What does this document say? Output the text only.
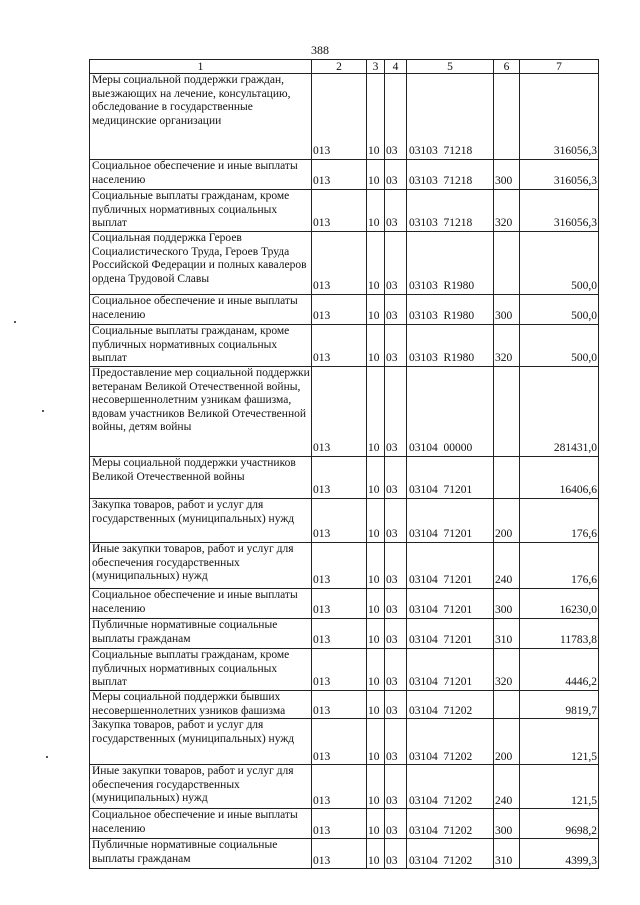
388
1	2	3	4	5	6	7
Меры социальной поддержки граждан, выезжающих на лечение, консультацию, обследование в государственные медицинские организации	013	10	03	03103  71218		316056,3
Социальное обеспечение и иные выплаты населению	013	10	03	03103  71218	300	316056,3
Социальные выплаты гражданам, кроме публичных нормативных социальных выплат	013	10	03	03103  71218	320	316056,3
Социальная поддержка Героев Социалистического Труда, Героев Труда Российской Федерации и полных кавалеров ордена Трудовой Славы	013	10	03	03103  R1980		500,0
Социальное обеспечение и иные выплаты населению	013	10	03	03103  R1980	300	500,0
Социальные выплаты гражданам, кроме публичных нормативных социальных выплат	013	10	03	03103  R1980	320	500,0
Предоставление мер социальной поддержки ветеранам Великой Отечественной войны, несовершеннолетним узникам фашизма, вдовам участников Великой Отечественной войны, детям войны	013	10	03	03104  00000		281431,0
Меры социальной поддержки участников Великой Отечественной войны	013	10	03	03104  71201		16406,6
Закупка товаров, работ и услуг для государственных (муниципальных) нужд	013	10	03	03104  71201	200	176,6
Иные закупки товаров, работ и услуг для обеспечения государственных (муниципальных) нужд	013	10	03	03104  71201	240	176,6
Социальное обеспечение и иные выплаты населению	013	10	03	03104  71201	300	16230,0
Публичные нормативные социальные выплаты гражданам	013	10	03	03104  71201	310	11783,8
Социальные выплаты гражданам, кроме публичных нормативных социальных выплат	013	10	03	03104  71201	320	4446,2
Меры социальной поддержки бывших несовершеннолетних узников фашизма	013	10	03	03104  71202		9819,7
Закупка товаров, работ и услуг для государственных (муниципальных) нужд	013	10	03	03104  71202	200	121,5
Иные закупки товаров, работ и услуг для обеспечения государственных (муниципальных) нужд	013	10	03	03104  71202	240	121,5
Социальное обеспечение и иные выплаты населению	013	10	03	03104  71202	300	9698,2
Публичные нормативные социальные выплаты гражданам	013	10	03	03104  71202	310	4399,3
